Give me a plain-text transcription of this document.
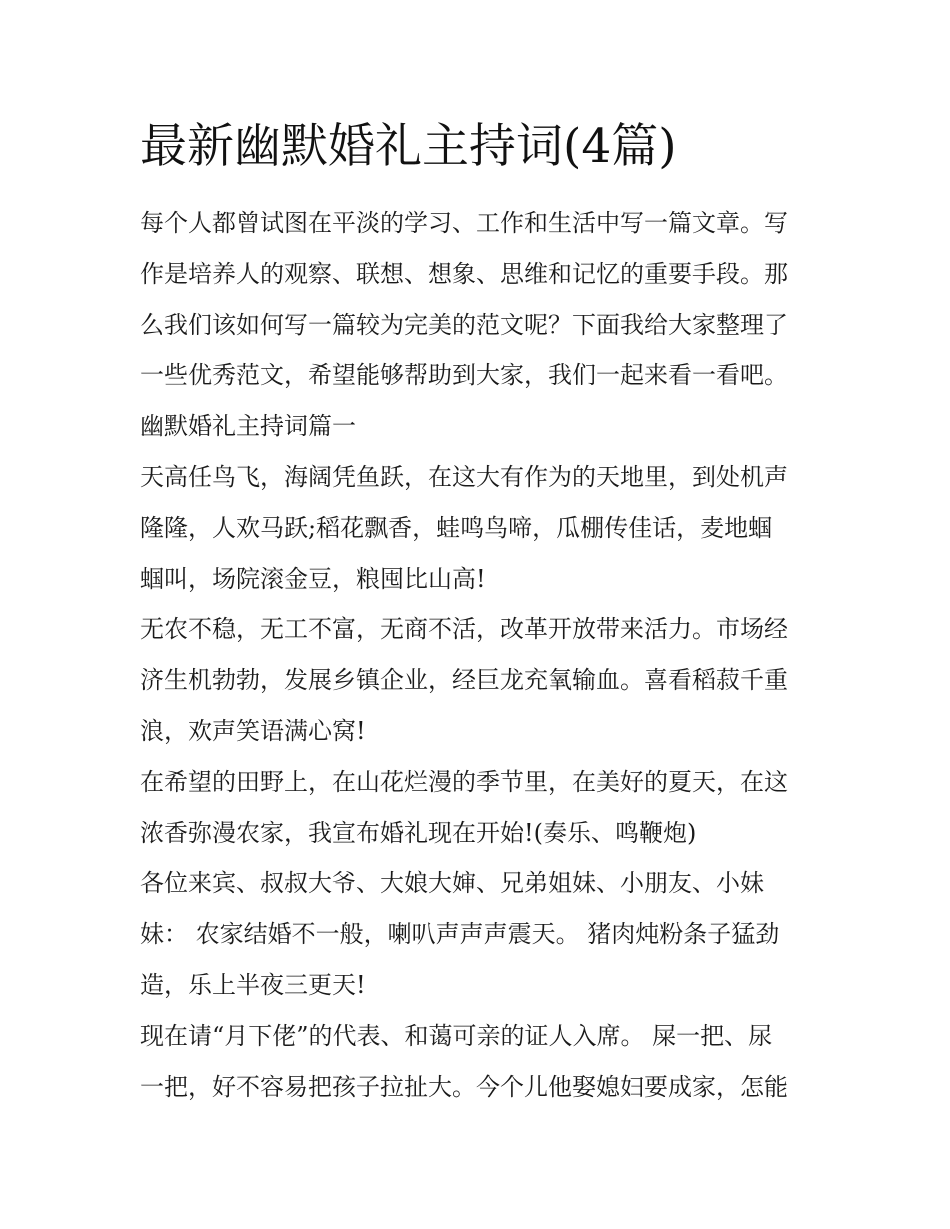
最新幽默婚礼主持词(4篇)
每个人都曾试图在平淡的学习、工作和生活中写一篇文章。写
作是培养人的观察、联想、想象、思维和记忆的重要手段。那
么我们该如何写一篇较为完美的范文呢？下面我给大家整理了
一些优秀范文，希望能够帮助到大家，我们一起来看一看吧。
幽默婚礼主持词篇一
天高任鸟飞，海阔凭鱼跃，在这大有作为的天地里，到处机声
隆隆，人欢马跃;稻花飘香，蛙鸣鸟啼，瓜棚传佳话，麦地蝈
蝈叫，场院滚金豆，粮囤比山高!
无农不稳，无工不富，无商不活，改革开放带来活力。市场经
济生机勃勃，发展乡镇企业，经巨龙充氧输血。喜看稻菽千重
浪，欢声笑语满心窝!
在希望的田野上，在山花烂漫的季节里，在美好的夏天，在这
浓香弥漫农家，我宣布婚礼现在开始!(奏乐、鸣鞭炮)
各位来宾、叔叔大爷、大娘大婶、兄弟姐妹、小朋友、小妹
妹： 农家结婚不一般，喇叭声声声震天。 猪肉炖粉条子猛劲
造，乐上半夜三更天!
现在请“月下佬”的代表、和蔼可亲的证人入席。 屎一把、尿
一把，好不容易把孩子拉扯大。今个儿他娶媳妇要成家，怎能
